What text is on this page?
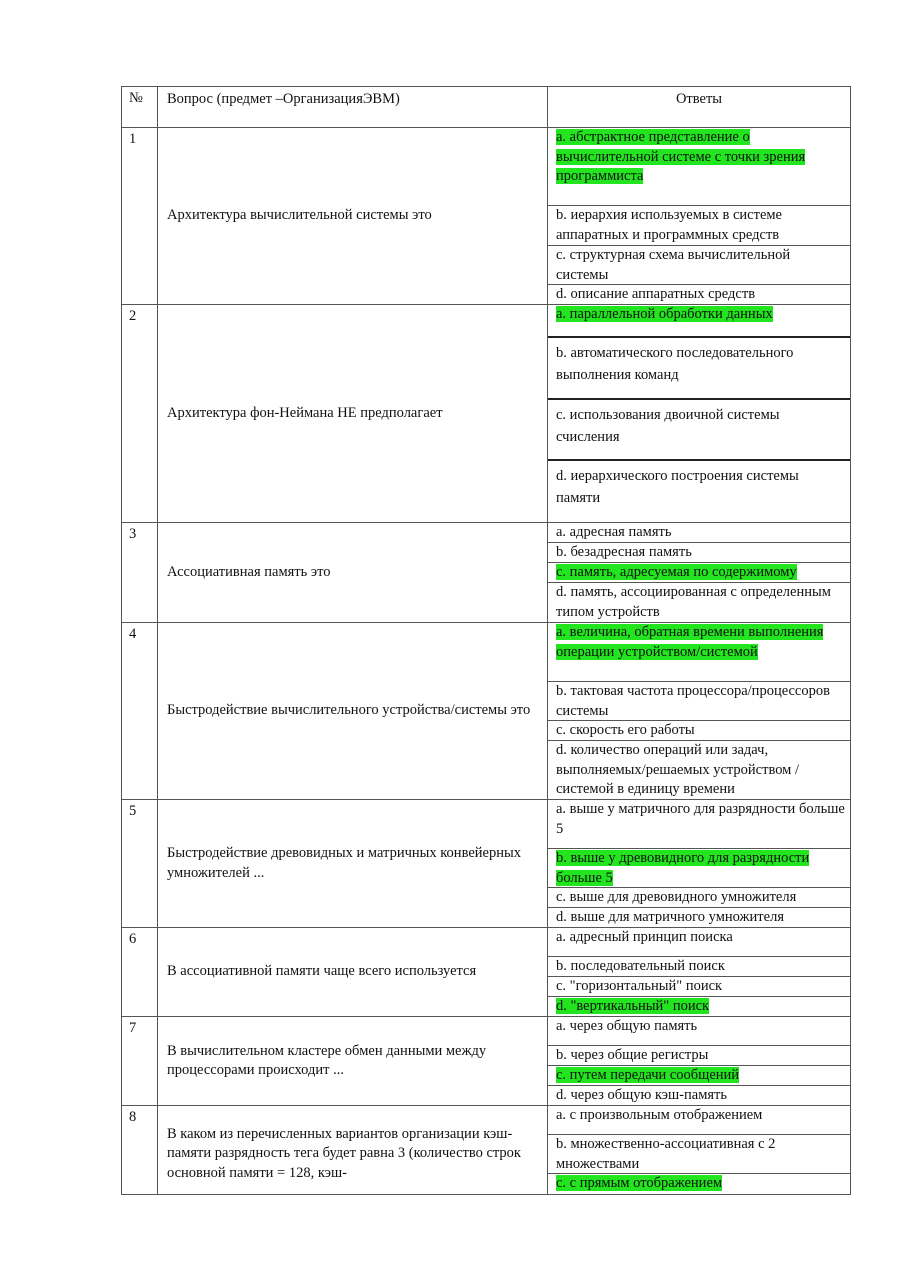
№	Вопрос (предмет –ОрганизацияЭВМ)	Ответы
1	Архитектура вычислительной системы это	a. абстрактное представление о вычислительной системе с точки зрения программиста
b. иерархия используемых в системе аппаратных и программных средств
c. структурная схема вычислительной системы
d. описание аппаратных средств

2	Архитектура фон-Неймана НЕ предполагает	a. параллельной обработки данных
b. автоматического последовательного выполнения команд
c. использования двоичной системы счисления
d. иерархического построения системы памяти

3	Ассоциативная память это	a. адресная память
b. безадресная память
c. память, адресуемая по содержимому
d. память, ассоциированная с определенным типом устройств

4	Быстродействие вычислительного устройства/системы это	a. величина, обратная времени выполнения операции устройством/системой
b. тактовая частота процессора/процессоров системы
c. скорость его работы
d. количество операций или задач, выполняемых/решаемых устройством / системой в единицу времени

5	Быстродействие древовидных и матричных конвейерных умножителей ...	a. выше у матричного для разрядности больше 5
b. выше у древовидного для разрядности больше 5
c. выше для древовидного умножителя
d. выше для матричного умножителя

6	В ассоциативной памяти чаще всего используется	a. адресный принцип поиска
b. последовательный поиск
c. "горизонтальный" поиск
d. "вертикальный" поиск

7	В вычислительном кластере обмен данными между процессорами происходит ...	a. через общую память
b. через общие регистры
c. путем передачи сообщений
d. через общую кэш-память

8	В каком из перечисленных вариантов организации кэш-памяти разрядность тега будет равна 3 (количество строк основной памяти = 128, кэш-	a. с произвольным отображением
b. множественно-ассоциативная с 2 множествами
c. с прямым отображением
